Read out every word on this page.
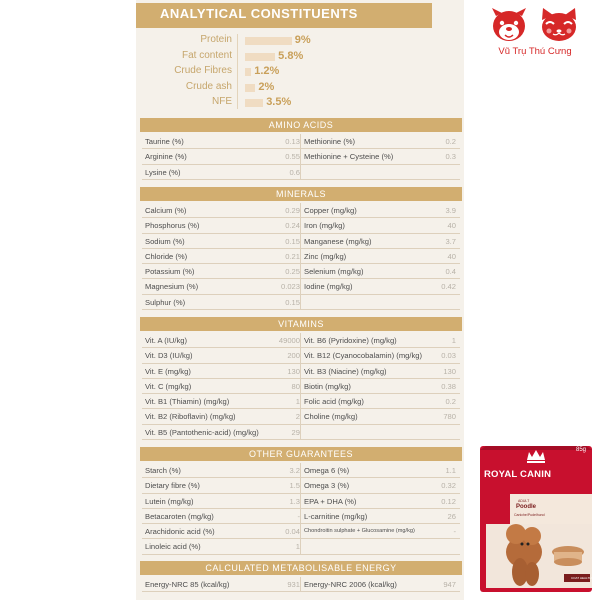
ANALYTICAL CONSTITUENTS
Protein	9%
Fat content	5.8%
Crude Fibres 1.2%
Crude ash 2%
NFE	3.5%
AMINO ACIDS
Taurine (%)	0.13 Methionine (%)	0.2
Arginine (%)	0.55 Methionine + Cysteine (%)	0.3
Lysine (%)	0.6
MINERALS
Calcium (%)	0.29 Copper (mg/kg)	3.9
Phosphorus (%)	0.24 Iron (mg/kg)	40
Sodium (%)	0.15 Manganese (mg/kg)	3.7
Chloride (%)	0.21 Zinc (mg/kg)	40
Potassium (%)	0.25 Selenium (mg/kg)	0.4
Magnesium (%)	0.023 Iodine (mg/kg)	0.42
Sulphur (%)	0.15
VITAMINS
Vit. A (IU/kg)	49000 Vit. B6 (Pyridoxine) (mg/kg)	1
Vit. D3 (IU/kg)	200 Vit. B12 (Cyanocobalamin) (mg/kg)	0.03
Vit. E (mg/kg)	130 Vit. B3 (Niacine) (mg/kg)	130
Vit. C (mg/kg)	80 Biotin (mg/kg)	0.38
Vit. B1 (Thiamin) (mg/kg)	1 Folic acid (mg/kg)	0.2
Vit. B2 (Riboflavin) (mg/kg)	2 Choline (mg/kg)	780
Vit. B5 (Pantothenic-acid) (mg/kg)	29
OTHER GUARANTEES
Starch (%)	3.2 Omega 6 (%)	1.1
Dietary fibre (%)	1.5 Omega 3 (%)	0.32
Lutein (mg/kg)	1.3 EPA + DHA (%)	0.12
Betacaroten (mg/kg)	- L-carnitine (mg/kg)	26
Arachidonic acid (%)	0.04 Chondroitin sulphate + Glucosamine (mg/kg)	-
Linoleic acid (%)	1
CALCULATED METABOLISABLE ENERGY
Energy-NRC 85 (kcal/kg)	931 Energy-NRC 2006 (kcal/kg)	947
Vũ Trụ Thú Cưng
85g
ROYAL CANIN
ADULT
Poodle
Caniche/Pudelhund
COAT HEALTH
